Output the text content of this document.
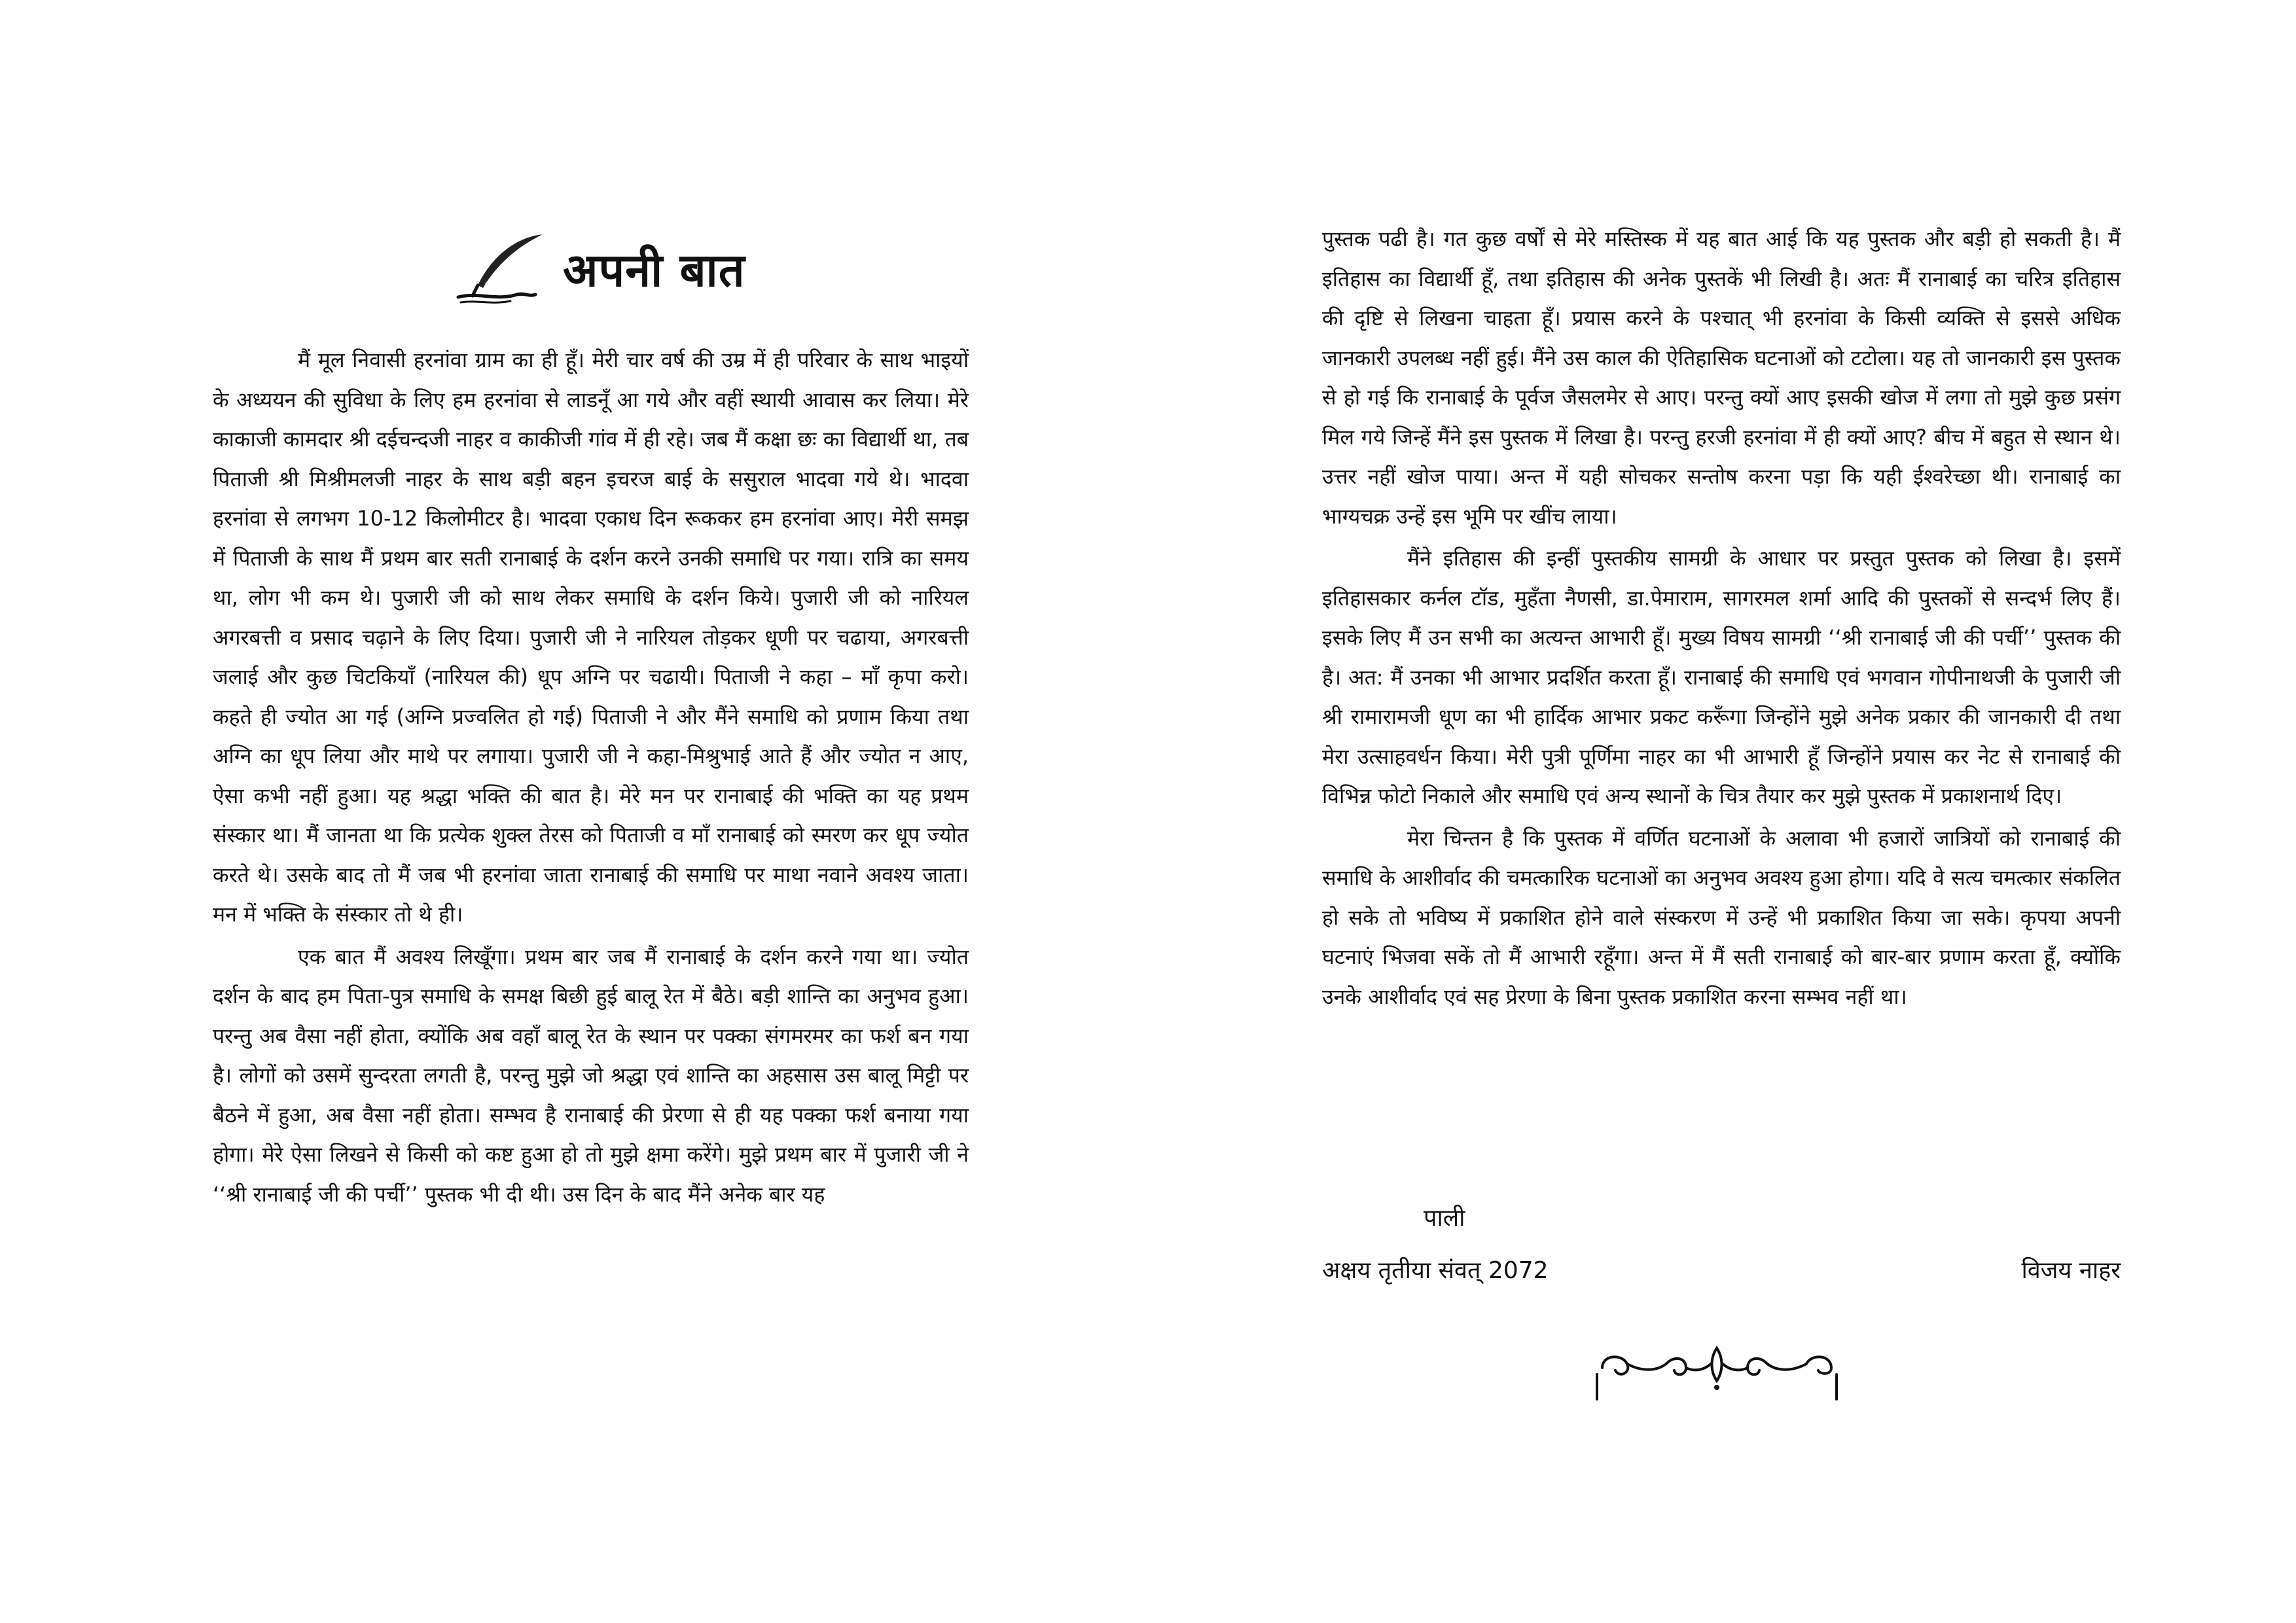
अपनी बात

मैं मूल निवासी हरनांवा ग्राम का ही हूँ। मेरी चार वर्ष की उम्र में ही परिवार के साथ भाइयों के अध्ययन की सुविधा के लिए हम हरनांवा से लाडनूँ आ गये और वहीं स्थायी आवास कर लिया। मेरे काकाजी कामदार श्री दईचन्दजी नाहर व काकीजी गांव में ही रहे। जब मैं कक्षा छः का विद्यार्थी था, तब पिताजी श्री मिश्रीमलजी नाहर के साथ बड़ी बहन इचरज बाई के ससुराल भादवा गये थे। भादवा हरनांवा से लगभग 10-12 किलोमीटर है। भादवा एकाध दिन रूककर हम हरनांवा आए। मेरी समझ में पिताजी के साथ मैं प्रथम बार सती रानाबाई के दर्शन करने उनकी समाधि पर गया। रात्रि का समय था, लोग भी कम थे। पुजारी जी को साथ लेकर समाधि के दर्शन किये। पुजारी जी को नारियल अगरबत्ती व प्रसाद चढ़ाने के लिए दिया। पुजारी जी ने नारियल तोड़कर धूणी पर चढाया, अगरबत्ती जलाई और कुछ चिटकियाँ (नारियल की) धूप अग्नि पर चढायी। पिताजी ने कहा – माँ कृपा करो। कहते ही ज्योत आ गई (अग्नि प्रज्वलित हो गई) पिताजी ने और मैंने समाधि को प्रणाम किया तथा अग्नि का धूप लिया और माथे पर लगाया। पुजारी जी ने कहा-मिश्रुभाई आते हैं और ज्योत न आए, ऐसा कभी नहीं हुआ। यह श्रद्धा भक्ति की बात है। मेरे मन पर रानाबाई की भक्ति का यह प्रथम संस्कार था। मैं जानता था कि प्रत्येक शुक्ल तेरस को पिताजी व माँ रानाबाई को स्मरण कर धूप ज्योत करते थे। उसके बाद तो मैं जब भी हरनांवा जाता रानाबाई की समाधि पर माथा नवाने अवश्य जाता। मन में भक्ति के संस्कार तो थे ही।

एक बात मैं अवश्य लिखूँगा। प्रथम बार जब मैं रानाबाई के दर्शन करने गया था। ज्योत दर्शन के बाद हम पिता-पुत्र समाधि के समक्ष बिछी हुई बालू रेत में बैठे। बड़ी शान्ति का अनुभव हुआ। परन्तु अब वैसा नहीं होता, क्योंकि अब वहाँ बालू रेत के स्थान पर पक्का संगमरमर का फर्श बन गया है। लोगों को उसमें सुन्दरता लगती है, परन्तु मुझे जो श्रद्धा एवं शान्ति का अहसास उस बालू मिट्टी पर बैठने में हुआ, अब वैसा नहीं होता। सम्भव है रानाबाई की प्रेरणा से ही यह पक्का फर्श बनाया गया होगा। मेरे ऐसा लिखने से किसी को कष्ट हुआ हो तो मुझे क्षमा करेंगे। मुझे प्रथम बार में पुजारी जी ने ‘‘श्री रानाबाई जी की पर्ची’’ पुस्तक भी दी थी। उस दिन के बाद मैंने अनेक बार यह

पुस्तक पढी है। गत कुछ वर्षों से मेरे मस्तिस्क में यह बात आई कि यह पुस्तक और बड़ी हो सकती है। मैं इतिहास का विद्यार्थी हूँ, तथा इतिहास की अनेक पुस्तकें भी लिखी है। अतः मैं रानाबाई का चरित्र इतिहास की दृष्टि से लिखना चाहता हूँ। प्रयास करने के पश्चात् भी हरनांवा के किसी व्यक्ति से इससे अधिक जानकारी उपलब्ध नहीं हुई। मैंने उस काल की ऐतिहासिक घटनाओं को टटोला। यह तो जानकारी इस पुस्तक से हो गई कि रानाबाई के पूर्वज जैसलमेर से आए। परन्तु क्यों आए इसकी खोज में लगा तो मुझे कुछ प्रसंग मिल गये जिन्हें मैंने इस पुस्तक में लिखा है। परन्तु हरजी हरनांवा में ही क्यों आए? बीच में बहुत से स्थान थे। उत्तर नहीं खोज पाया। अन्त में यही सोचकर सन्तोष करना पड़ा कि यही ईश्वरेच्छा थी। रानाबाई का भाग्यचक्र उन्हें इस भूमि पर खींच लाया।

मैंने इतिहास की इन्हीं पुस्तकीय सामग्री के आधार पर प्रस्तुत पुस्तक को लिखा है। इसमें इतिहासकार कर्नल टॉड, मुहँता नैणसी, डा.पेमाराम, सागरमल शर्मा आदि की पुस्तकों से सन्दर्भ लिए हैं। इसके लिए मैं उन सभी का अत्यन्त आभारी हूँ। मुख्य विषय सामग्री ‘‘श्री रानाबाई जी की पर्ची’’ पुस्तक की है। अत: मैं उनका भी आभार प्रदर्शित करता हूँ। रानाबाई की समाधि एवं भगवान गोपीनाथजी के पुजारी जी श्री रामारामजी धूण का भी हार्दिक आभार प्रकट करूँगा जिन्होंने मुझे अनेक प्रकार की जानकारी दी तथा मेरा उत्साहवर्धन किया। मेरी पुत्री पूर्णिमा नाहर का भी आभारी हूँ जिन्होंने प्रयास कर नेट से रानाबाई की विभिन्न फोटो निकाले और समाधि एवं अन्य स्थानों के चित्र तैयार कर मुझे पुस्तक में प्रकाशनार्थ दिए।

मेरा चिन्तन है कि पुस्तक में वर्णित घटनाओं के अलावा भी हजारों जात्रियों को रानाबाई की समाधि के आशीर्वाद की चमत्कारिक घटनाओं का अनुभव अवश्य हुआ होगा। यदि वे सत्य चमत्कार संकलित हो सके तो भविष्य में प्रकाशित होने वाले संस्करण में उन्हें भी प्रकाशित किया जा सके। कृपया अपनी घटनाएं भिजवा सकें तो मैं आभारी रहूँगा। अन्त में मैं सती रानाबाई को बार-बार प्रणाम करता हूँ, क्योंकि उनके आशीर्वाद एवं सह प्रेरणा के बिना पुस्तक प्रकाशित करना सम्भव नहीं था।

पाली
अक्षय तृतीया संवत् 2072	विजय नाहर
